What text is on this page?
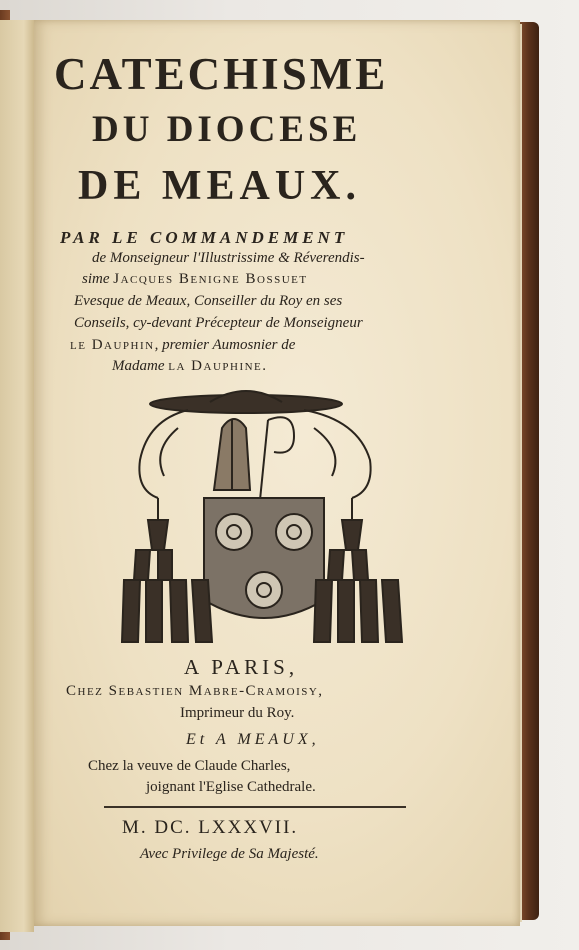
CATECHISME
DU DIOCESE
DE MEAUX.
PAR LE COMMANDEMENT
de Monseigneur l'Illustrissime & Réverendis-
sime Jacques Benigne Bossuet
Evesque de Meaux, Conseiller du Roy en ses
Conseils, cy-devant Précepteur de Monseigneur
le Dauphin, premier Aumosnier de
Madame la Dauphine.
A PARIS,
Chez Sebastien Mabre-Cramoisy,
Imprimeur du Roy.
Et A MEAUX,
Chez la veuve de Claude Charles,
joignant l'Eglise Cathedrale.
M. DC. LXXXVII.
Avec Privilege de Sa Majesté.
